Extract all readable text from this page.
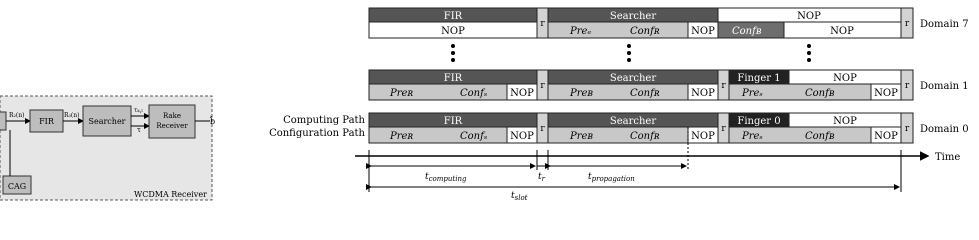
R₂(n)
FIR
R₃(n)
Searcher
τₖ,ₗ
τ
Rake
Receiver	b̂
CAG
WCDMA Receiver
Computing Path
Configuration Path
FIR
r
Searcher	NOP
r
NOP	Preₑ	Confʀ	NOP Confʙ	NOP
Domain 7
FIR
r
Searcher
r
Finger 1	NOP
r
Preʀ	Confₛ NOP	Preʙ	Confʀ	NOP	Preₛ	Confʙ	NOP
Domain 1
FIR
r
Searcher
r
Finger 0	NOP
r
Preʀ	Confₛ NOP	Preʙ	Confʀ	NOP	Preₛ	Confʙ	NOP
Domain 0
Time
$t_{computing}$	$t_r$	$t_{propagation}$
$t_{slot}$
